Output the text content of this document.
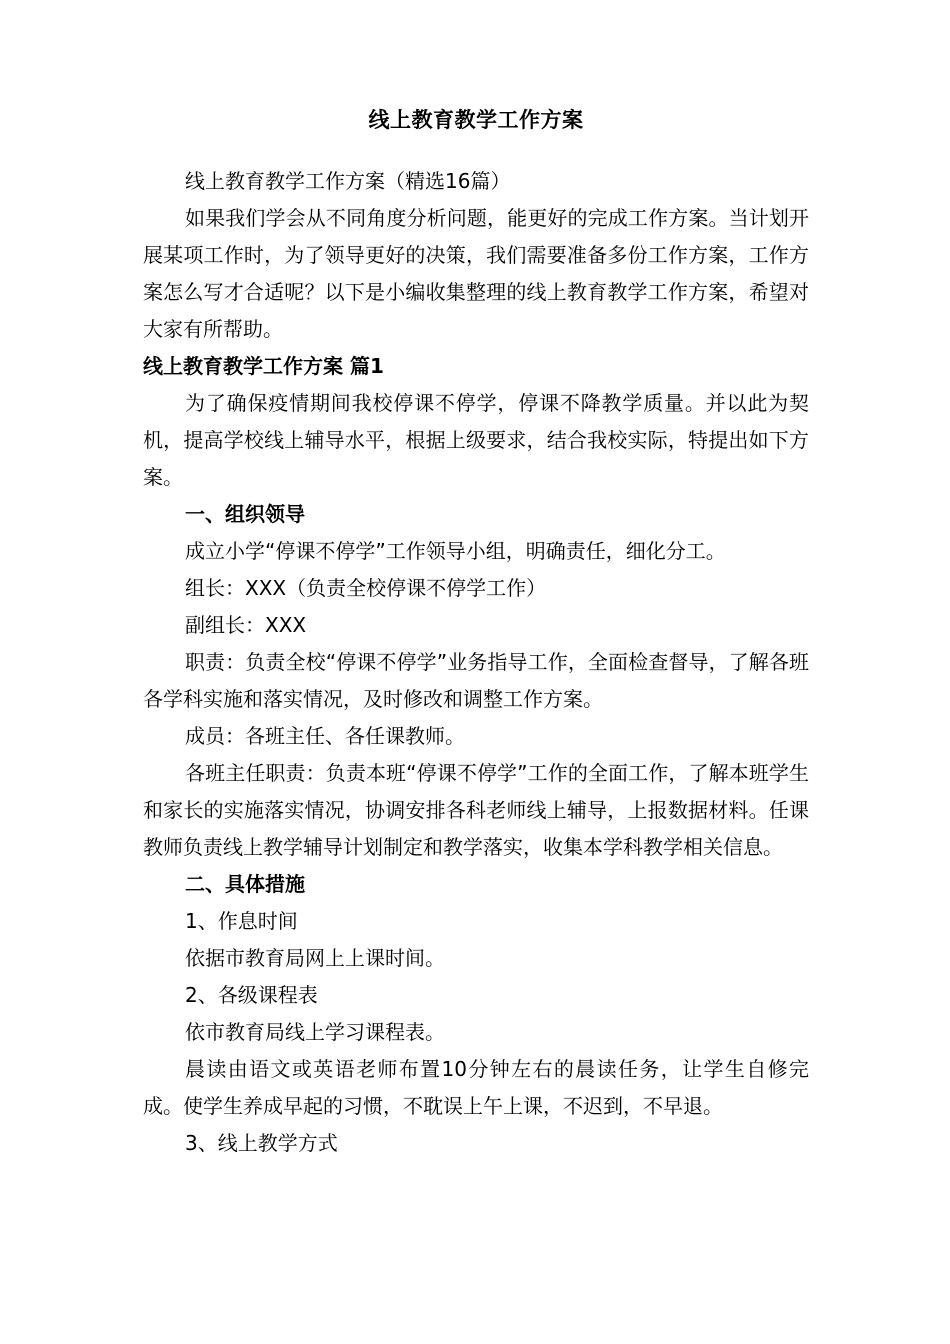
线上教育教学工作方案

线上教育教学工作方案（精选16篇）

如果我们学会从不同角度分析问题，能更好的完成工作方案。当计划开展某项工作时，为了领导更好的决策，我们需要准备多份工作方案，工作方案怎么写才合适呢？以下是小编收集整理的线上教育教学工作方案，希望对大家有所帮助。

线上教育教学工作方案 篇1

为了确保疫情期间我校停课不停学，停课不降教学质量。并以此为契机，提高学校线上辅导水平，根据上级要求，结合我校实际，特提出如下方案。

一、组织领导

成立小学“停课不停学”工作领导小组，明确责任，细化分工。

组长：XXX（负责全校停课不停学工作）

副组长：XXX

职责：负责全校“停课不停学”业务指导工作，全面检查督导，了解各班各学科实施和落实情况，及时修改和调整工作方案。

成员：各班主任、各任课教师。

各班主任职责：负责本班“停课不停学”工作的全面工作，了解本班学生和家长的实施落实情况，协调安排各科老师线上辅导，上报数据材料。任课教师负责线上教学辅导计划制定和教学落实，收集本学科教学相关信息。

二、具体措施

1、作息时间

依据市教育局网上上课时间。

2、各级课程表

依市教育局线上学习课程表。

晨读由语文或英语老师布置10分钟左右的晨读任务，让学生自修完成。使学生养成早起的习惯，不耽误上午上课，不迟到，不早退。

3、线上教学方式
